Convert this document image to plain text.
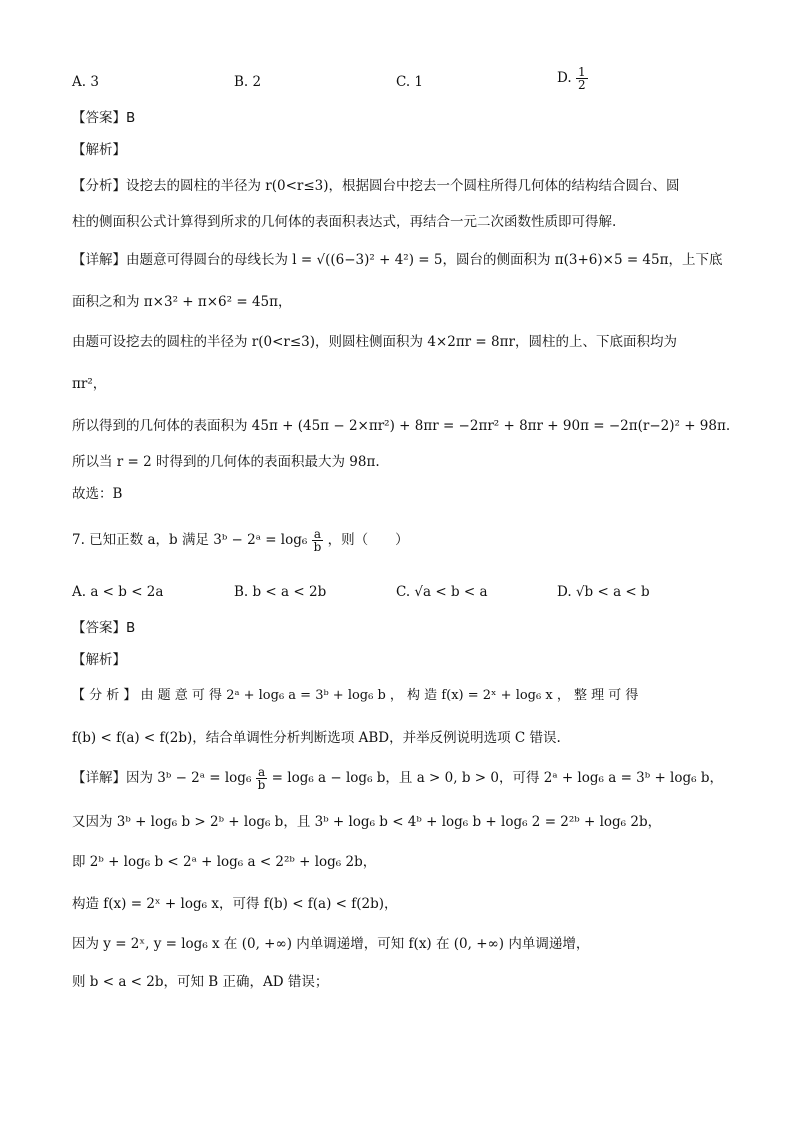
A. 3	B. 2	C. 1	D. $\frac{1}{2}$
【答案】B
【解析】
【分析】设挖去的圆柱的半径为 r(0<r≤3)，根据圆台中挖去一个圆柱所得几何体的结构结合圆台、圆
柱的侧面积公式计算得到所求的几何体的表面积表达式，再结合一元二次函数性质即可得解.
【详解】由题意可得圆台的母线长为 l = √((6−3)² + 4²) = 5，圆台的侧面积为 π(3+6)×5 = 45π，上下底
面积之和为 π×3² + π×6² = 45π，
由题可设挖去的圆柱的半径为 r(0<r≤3)，则圆柱侧面积为 4×2πr = 8πr，圆柱的上、下底面积均为
πr²，
所以得到的几何体的表面积为 45π + (45π − 2×πr²) + 8πr = −2πr² + 8πr + 90π = −2π(r−2)² + 98π.
所以当 r = 2 时得到的几何体的表面积最大为 98π.
故选：B
7. 已知正数 a，b 满足 3ᵇ − 2ᵃ = $\log_6 \frac{a}{b}$ ，则（　　）
A. a < b < 2a	B. b < a < 2b	C. √a < b < a	D. √b < a < b
【答案】B
【解析】
【 分 析 】 由 题 意 可 得 2ᵃ + log₆ a = 3ᵇ + log₆ b ， 构 造 f(x) = 2ˣ + log₆ x ， 整 理 可 得
f(b) < f(a) < f(2b)，结合单调性分析判断选项 ABD，并举反例说明选项 C 错误.
【详解】因为 3ᵇ − 2ᵃ = $\log_6 \frac{a}{b} = \log_6$ a − log₆ b，且 a > 0, b > 0，可得 2ᵃ + log₆ a = 3ᵇ + log₆ b，
又因为 3ᵇ + log₆ b > 2ᵇ + log₆ b，且 3ᵇ + log₆ b < 4ᵇ + log₆ b + log₆ 2 = 2²ᵇ + log₆ 2b，
即 2ᵇ + log₆ b < 2ᵃ + log₆ a < 2²ᵇ + log₆ 2b，
构造 f(x) = 2ˣ + log₆ x，可得 f(b) < f(a) < f(2b)，
因为 y = 2ˣ, y = log₆ x 在 (0, +∞) 内单调递增，可知 f(x) 在 (0, +∞) 内单调递增，
则 b < a < 2b，可知 B 正确，AD 错误；
